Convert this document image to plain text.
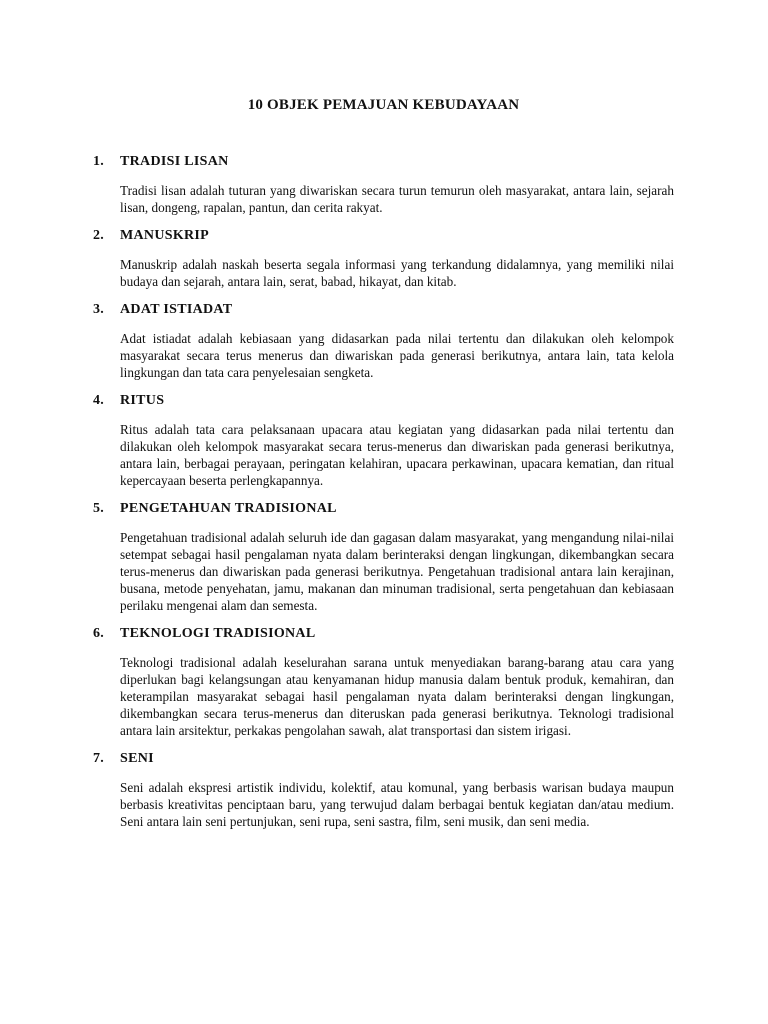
10 OBJEK PEMAJUAN KEBUDAYAAN
1.	TRADISI LISAN
Tradisi lisan adalah tuturan yang diwariskan secara turun temurun oleh masyarakat, antara lain, sejarah lisan, dongeng, rapalan, pantun, dan cerita rakyat.
2.	MANUSKRIP
Manuskrip adalah naskah beserta segala informasi yang terkandung didalamnya, yang memiliki nilai budaya dan sejarah, antara lain, serat, babad, hikayat, dan kitab.
3.	ADAT ISTIADAT
Adat istiadat adalah kebiasaan yang didasarkan pada nilai tertentu dan dilakukan oleh kelompok masyarakat secara terus menerus dan diwariskan pada generasi berikutnya, antara lain, tata kelola lingkungan dan tata cara penyelesaian sengketa.
4.	RITUS
Ritus adalah tata cara pelaksanaan upacara atau kegiatan yang didasarkan pada nilai tertentu dan dilakukan oleh kelompok masyarakat secara terus-menerus dan diwariskan pada generasi berikutnya, antara lain, berbagai perayaan, peringatan kelahiran, upacara perkawinan, upacara kematian, dan ritual kepercayaan beserta perlengkapannya.
5.	PENGETAHUAN TRADISIONAL
Pengetahuan tradisional adalah seluruh ide dan gagasan dalam masyarakat, yang mengandung nilai-nilai setempat sebagai hasil pengalaman nyata dalam berinteraksi dengan lingkungan, dikembangkan secara terus-menerus dan diwariskan pada generasi berikutnya. Pengetahuan tradisional antara lain kerajinan, busana, metode penyehatan, jamu, makanan dan minuman tradisional, serta pengetahuan dan kebiasaan perilaku mengenai alam dan semesta.
6.	TEKNOLOGI TRADISIONAL
Teknologi tradisional adalah keselurahan sarana untuk menyediakan barang-barang atau cara yang diperlukan bagi kelangsungan atau kenyamanan hidup manusia dalam bentuk produk, kemahiran, dan keterampilan masyarakat sebagai hasil pengalaman nyata dalam berinteraksi dengan lingkungan, dikembangkan secara terus-menerus dan diteruskan pada generasi berikutnya. Teknologi tradisional antara lain arsitektur, perkakas pengolahan sawah, alat transportasi dan sistem irigasi.
7.	SENI
Seni adalah ekspresi artistik individu, kolektif, atau komunal, yang berbasis warisan budaya maupun berbasis kreativitas penciptaan baru, yang terwujud dalam berbagai bentuk kegiatan dan/atau medium. Seni antara lain seni pertunjukan, seni rupa, seni sastra, film, seni musik, dan seni media.
